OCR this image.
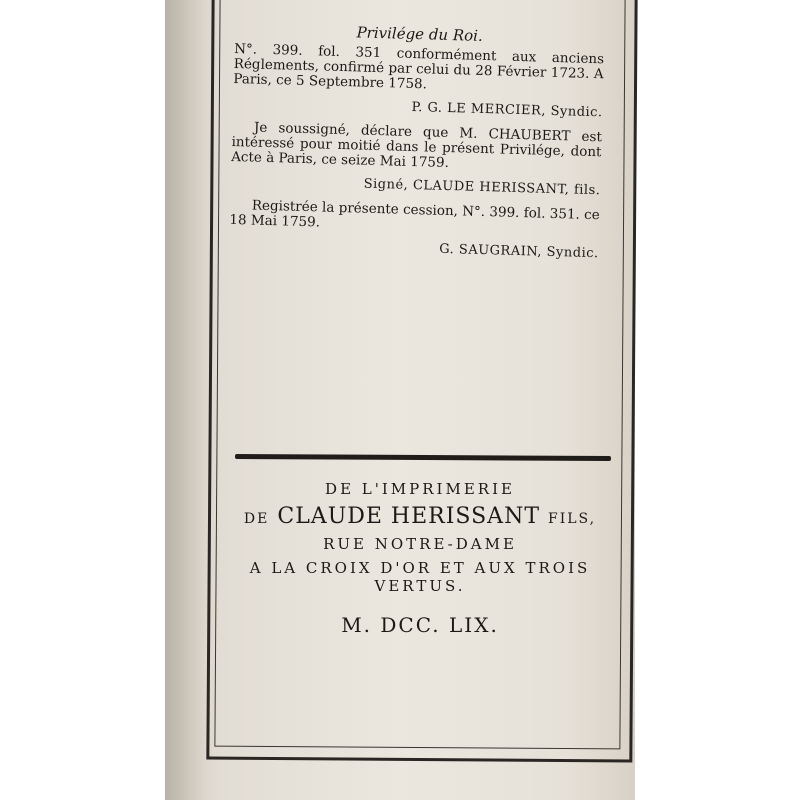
Privilége du Roi.

N°. 399. fol. 351 conformément aux anciens Réglements, confirmé par celui du 28 Février 1723. A Paris, ce 5 Septembre 1758.

P. G. LE MERCIER, Syndic.

Je soussigné, déclare que M. CHAUBERT est intéressé pour moitié dans le présent Privilége, dont Acte à Paris, ce seize Mai 1759.

Signé, CLAUDE HERISSANT, fils.

Registrée la présente cession, N°. 399. fol. 351. ce 18 Mai 1759.

G. SAUGRAIN, Syndic.

DE L'IMPRIMERIE

DE CLAUDE HERISSANT FILS,

RUE NOTRE-DAME

A LA CROIX D'OR ET AUX TROIS VERTUS.

M. DCC. LIX.
